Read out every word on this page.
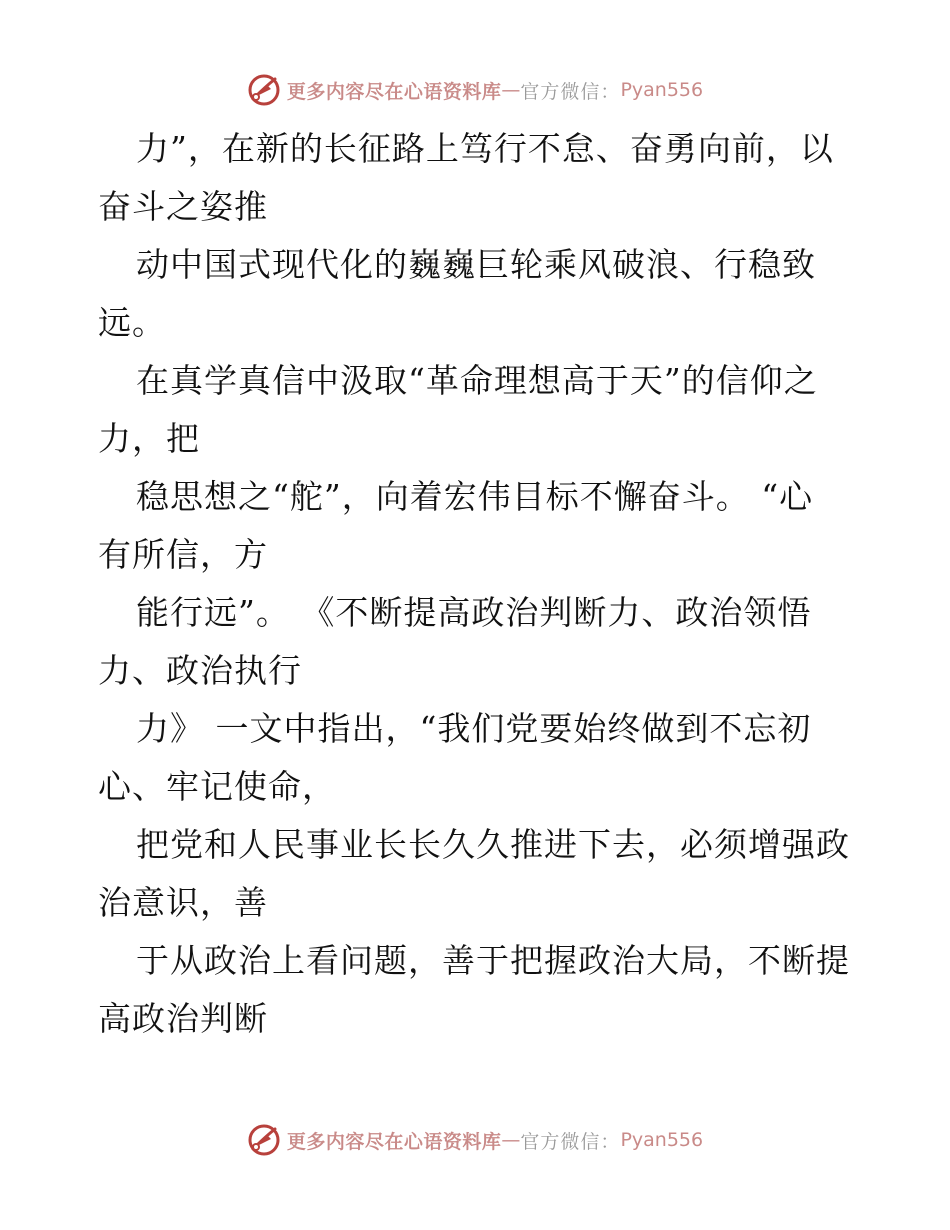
更多内容尽在心语资料库 — 官方微信： Pyan556
力”，在新的长征路上笃行不怠、奋勇向前，以
奋斗之姿推
动中国式现代化的巍巍巨轮乘风破浪、行稳致
远。
在真学真信中汲取“革命理想高于天”的信仰之
力，把
稳思想之“舵”，向着宏伟目标不懈奋斗。 “心
有所信，方
能行远”。 《不断提高政治判断力、政治领悟
力、政治执行
力》 一文中指出，“我们党要始终做到不忘初
心、牢记使命，
把党和人民事业长长久久推进下去，必须增强政
治意识，善
于从政治上看问题，善于把握政治大局，不断提
高政治判断
更多内容尽在心语资料库 — 官方微信： Pyan556
